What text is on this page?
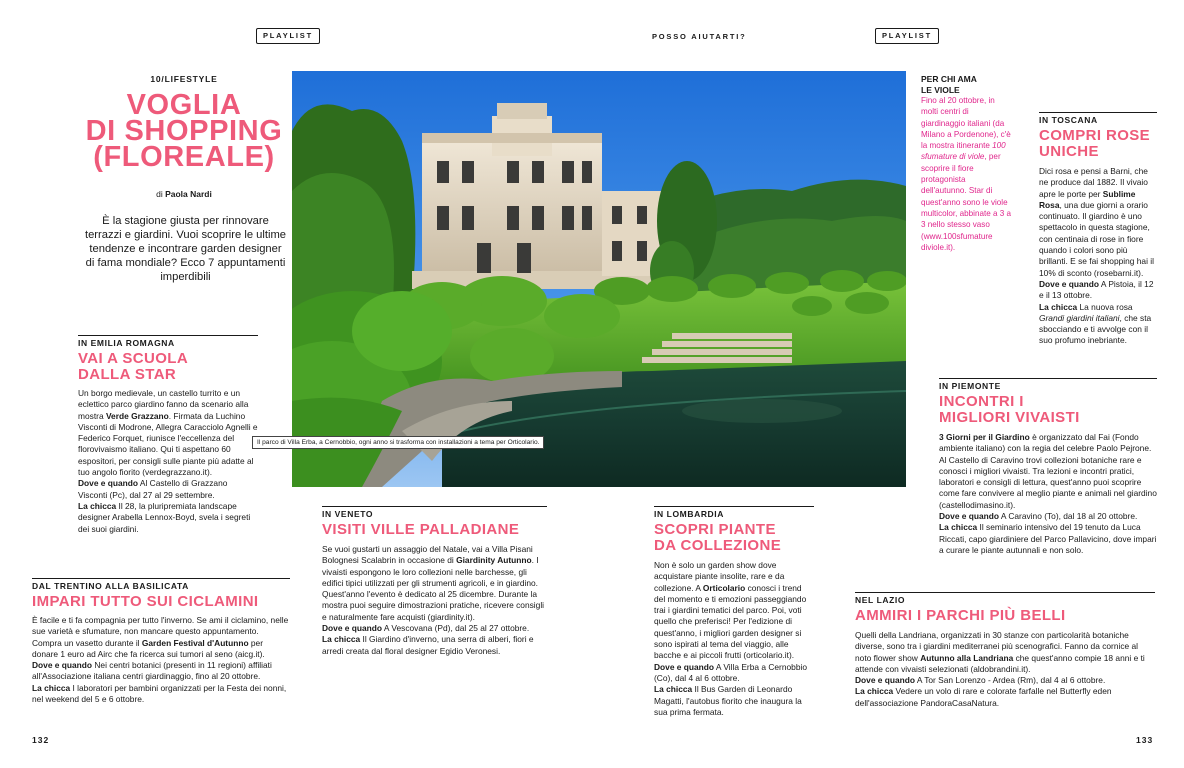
PLAYLIST	POSSO AIUTARTI?	PLAYLIST
10/LIFESTYLE
VOGLIA
DI SHOPPING
(FLOREALE)
di Paola Nardi
È la stagione giusta per rinnovare terrazzi e giardini. Vuoi scoprire le ultime tendenze e incontrare garden designer di fama mondiale? Ecco 7 appuntamenti imperdibili
Il parco di Villa Erba, a Cernobbio, ogni anno si trasforma con installazioni a tema per Orticolario.
PER CHI AMA
LE VIOLE
Fino al 20 ottobre, in molti centri di giardinaggio italiani (da Milano a Pordenone), c'è la mostra itinerante 100 sfumature di viole, per scoprire il fiore protagonista dell'autunno. Star di quest'anno sono le viole multicolor, abbinate a 3 a 3 nello stesso vaso (www.100sfumature diviole.it).
IN TOSCANA
COMPRI ROSE
UNICHE
Dici rosa e pensi a Barni, che ne produce dal 1882. Il vivaio apre le porte per Sublime Rosa, una due giorni a orario continuato. Il giardino è uno spettacolo in questa stagione, con centinaia di rose in fiore quando i colori sono più brillanti. E se fai shopping hai il 10% di sconto (rosebarni.it).
Dove e quando A Pistoia, il 12 e il 13 ottobre.
La chicca La nuova rosa Grandi giardini italiani, che sta sbocciando e ti avvolge con il suo profumo inebriante.
IN PIEMONTE
INCONTRI I
MIGLIORI VIVAISTI
3 Giorni per il Giardino è organizzato dal Fai (Fondo ambiente italiano) con la regia del celebre Paolo Pejrone. Al Castello di Caravino trovi collezioni botaniche rare e conosci i migliori vivaisti. Tra lezioni e incontri pratici, laboratori e consigli di lettura, quest'anno puoi scoprire come fare convivere al meglio piante e animali nel giardino (castellodimasino.it).
Dove e quando A Caravino (To), dal 18 al 20 ottobre.
La chicca Il seminario intensivo del 19 tenuto da Luca Riccati, capo giardiniere del Parco Pallavicino, dove impari a curare le piante autunnali e non solo.
IN EMILIA ROMAGNA
VAI A SCUOLA
DALLA STAR
Un borgo medievale, un castello turrito e un eclettico parco giardino fanno da scenario alla mostra Verde Grazzano. Firmata da Luchino Visconti di Modrone, Allegra Caracciolo Agnelli e Federico Forquet, riunisce l'eccellenza del florovivaismo italiano. Qui ti aspettano 60 espositori, per consigli sulle piante più adatte al tuo angolo fiorito (verdegrazzano.it).
Dove e quando Al Castello di Grazzano Visconti (Pc), dal 27 al 29 settembre.
La chicca Il 28, la pluripremiata landscape designer Arabella Lennox-Boyd, svela i segreti dei suoi giardini.
DAL TRENTINO ALLA BASILICATA
IMPARI TUTTO SUI CICLAMINI
È facile e ti fa compagnia per tutto l'inverno. Se ami il ciclamino, nelle sue varietà e sfumature, non mancare questo appuntamento. Compra un vasetto durante il Garden Festival d'Autunno per donare 1 euro ad Airc che fa ricerca sui tumori al seno (aicg.it).
Dove e quando Nei centri botanici (presenti in 11 regioni) affiliati all'Associazione italiana centri giardinaggio, fino al 20 ottobre.
La chicca I laboratori per bambini organizzati per la Festa dei nonni, nel weekend del 5 e 6 ottobre.
IN VENETO
VISITI VILLE PALLADIANE
Se vuoi gustarti un assaggio del Natale, vai a Villa Pisani Bolognesi Scalabrin in occasione di Giardinity Autunno. I vivaisti espongono le loro collezioni nelle barchesse, gli edifici tipici utilizzati per gli strumenti agricoli, e in giardino. Quest'anno l'evento è dedicato al 25 dicembre. Durante la mostra puoi seguire dimostrazioni pratiche, ricevere consigli e naturalmente fare acquisti (giardinity.it).
Dove e quando A Vescovana (Pd), dal 25 al 27 ottobre.
La chicca Il Giardino d'inverno, una serra di alberi, fiori e arredi creata dal floral designer Egidio Veronesi.
IN LOMBARDIA
SCOPRI PIANTE
DA COLLEZIONE
Non è solo un garden show dove acquistare piante insolite, rare e da collezione. A Orticolario conosci i trend del momento e ti emozioni passeggiando trai i giardini tematici del parco. Poi, voti quello che preferisci! Per l'edizione di quest'anno, i migliori garden designer si sono ispirati al tema del viaggio, alle bacche e ai piccoli frutti (orticolario.it).
Dove e quando A Villa Erba a Cernobbio (Co), dal 4 al 6 ottobre.
La chicca Il Bus Garden di Leonardo Magatti, l'autobus fiorito che inaugura la sua prima fermata.
NEL LAZIO
AMMIRI I PARCHI PIÙ BELLI
Quelli della Landriana, organizzati in 30 stanze con particolarità botaniche diverse, sono tra i giardini mediterranei più scenografici. Fanno da cornice al noto flower show Autunno alla Landriana che quest'anno compie 18 anni e ti attende con vivaisti selezionati (aldobrandini.it).
Dove e quando A Tor San Lorenzo - Ardea (Rm), dal 4 al 6 ottobre.
La chicca Vedere un volo di rare e colorate farfalle nel Butterfly eden dell'associazione PandoraCasaNatura.
132	133
